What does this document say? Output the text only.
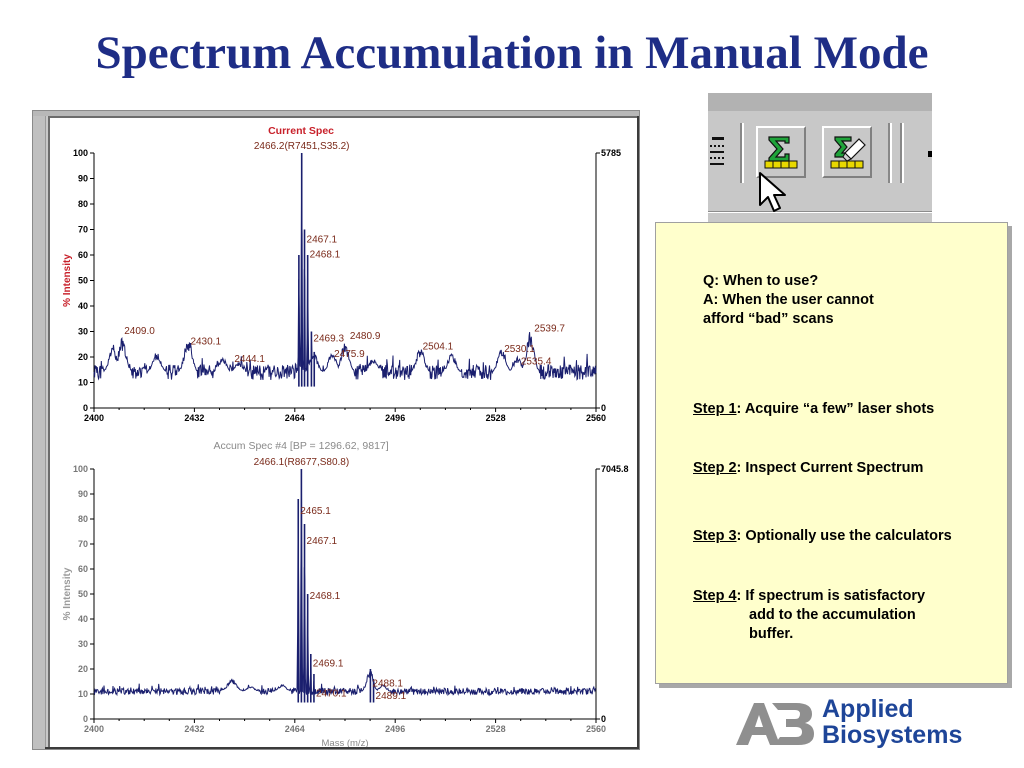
Spectrum Accumulation in Manual Mode
Current Spec
5785
0
0
10
20
30
40
50
60
70
80
90
100
2400	2432	2464	2496	2528	2560
% Intensity
2466.2(R7451,S35.2)
2467.1
2468.1
2409.0
2430.1
2444.1
2469.3 2480.9
2475.9
2504.1	2530.1
2539.7
2535.4
Accum Spec #4 [BP = 1296.62, 9817]
7045.8
0
0
10
20
30
40
50
60
70
80
90
100
2400	2432	2464	2496	2528	2560
% Intensity
Mass (m/z)
2466.1(R8677,S80.8)
2465.1
2467.1
2468.1
2469.1
2470.1
2488.1
2489.1
Q: When to use?
A: When the user cannot
afford “bad” scans
Step 1: Acquire “a few” laser shots
Step 2: Inspect Current Spectrum
Step 3: Optionally use the calculators
Step 4: If spectrum is satisfactory
add to the accumulation
buffer.
Applied
Biosystems
